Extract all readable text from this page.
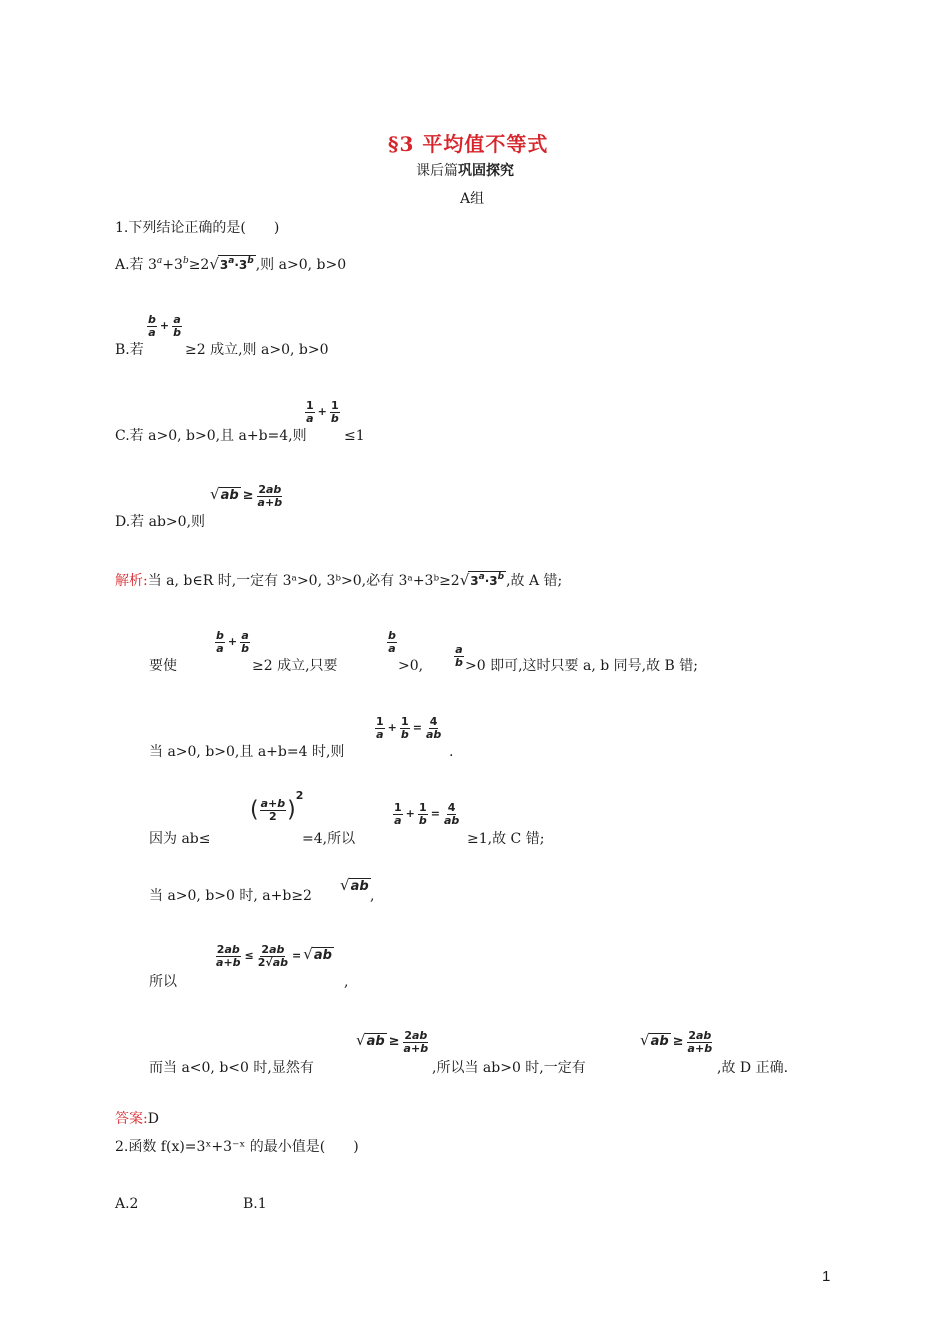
§3 平均值不等式
课后篇巩固探究
A组
1.下列结论正确的是(　　)
A.若 $3^a+3^b\ge 2√3^a\cdot 3^b$ ,则 a>0, b>0
$\frac{b}{a} + \frac{a}{b}$
B.若	≥2 成立,则 a>0, b>0
$\frac{1}{a} + \frac{1}{b}$
C.若 a>0, b>0,且 a+b=4,则	≤1
$√ab \ge \frac{2ab}{a+b}$
D.若 ab>0,则
解析:当 a, b∈R 时,一定有 3ᵃ>0, 3ᵇ>0,必有 $3ᵃ+3ᵇ\ge 2√3^a\cdot 3^b$ ,故 A 错;
$\frac{b}{a} + \frac{a}{b}$	$\frac{b}{a}$
$\frac{a}{b}$
要使	≥2 成立,只要	>0,	>0 即可,这时只要 a, b 同号,故 B 错;
$\frac{1}{a} + \frac{1}{b} = \frac{4}{ab}$
当 a>0, b>0,且 a+b=4 时,则	.
( $\frac{a+b}{2} )^2$
$\frac{1}{a} + \frac{1}{b} = \frac{4}{ab}$
因为 ab≤	=4,所以	≥1,故 C 错;
√ab
当 a>0, b>0 时, a+b≥2	,
$\frac{2ab}{a+b} \le \frac{2ab}{2√ab} = √ab$
所以	,
$√ab \ge \frac{2ab}{a+b}$	$√ab \ge \frac{2ab}{a+b}$
而当 a<0, b<0 时,显然有	,所以当 ab>0 时,一定有	,故 D 正确.
答案:D
2.函数 f(x)=3ˣ+3⁻ˣ 的最小值是(　　)
A.2	B.1
1
